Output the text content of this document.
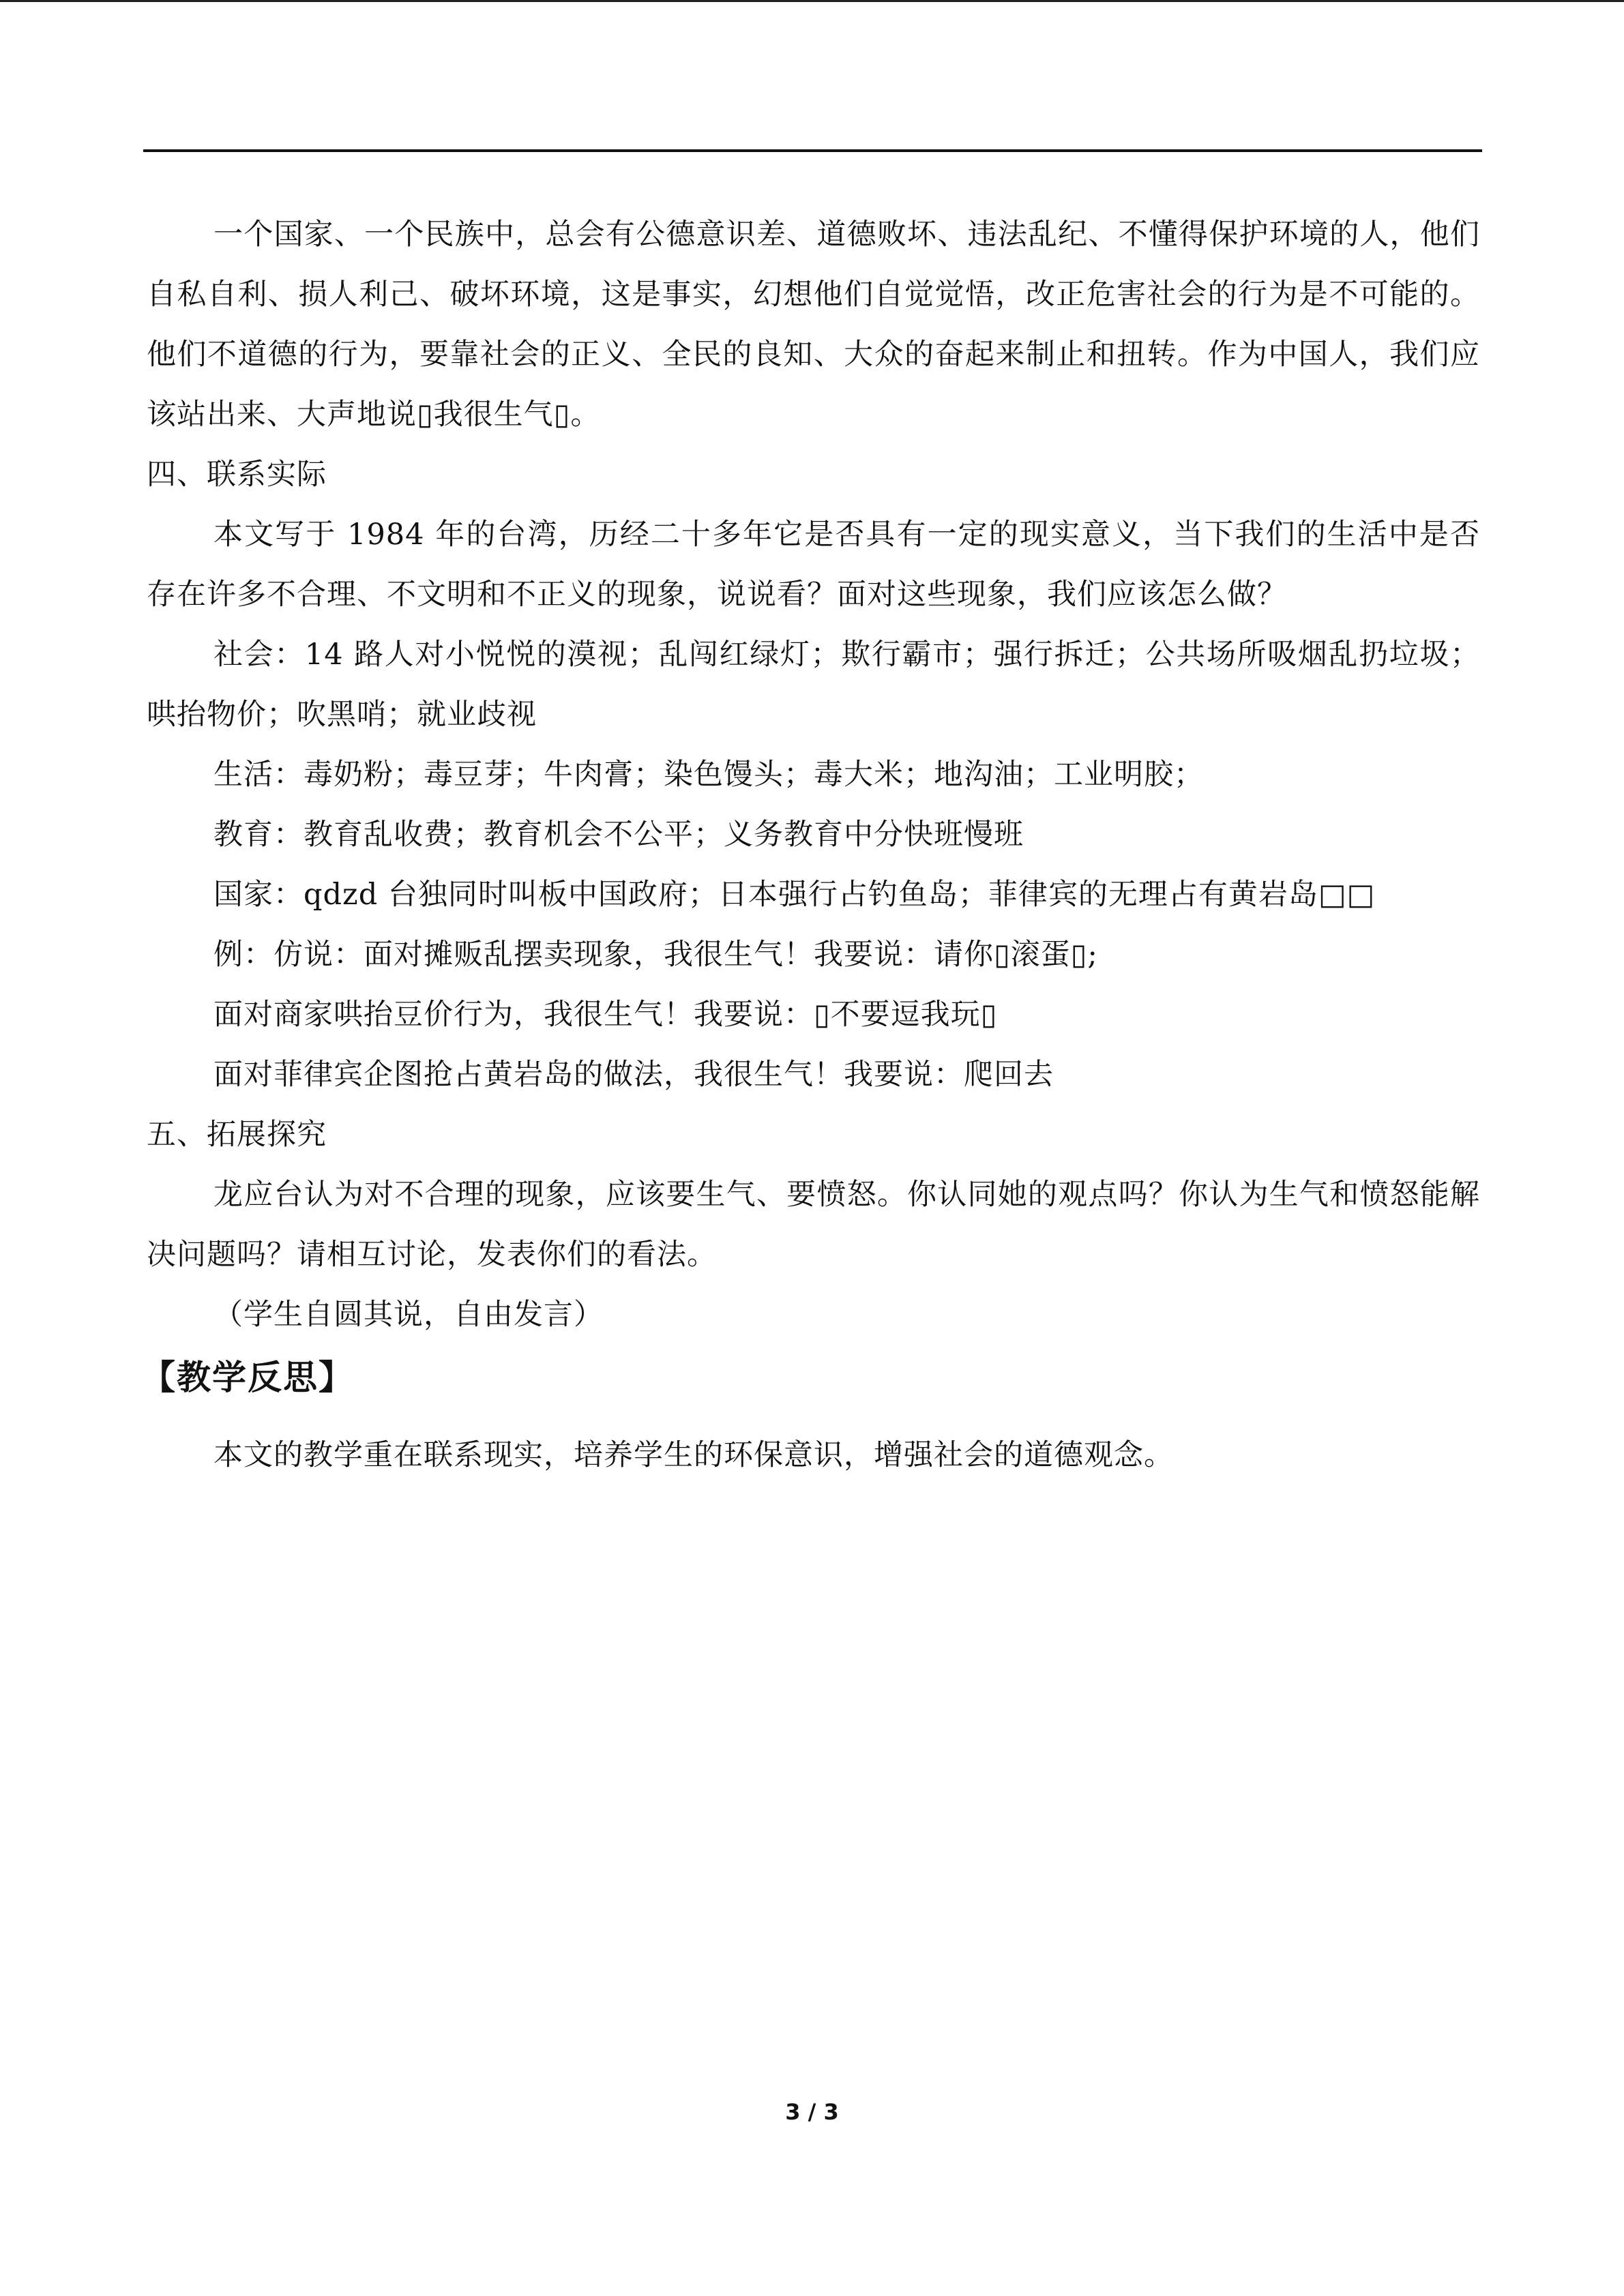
一个国家、一个民族中，总会有公德意识差、道德败坏、违法乱纪、不懂得保护环境的人，他们自私自利、损人利己、破坏环境，这是事实，幻想他们自觉觉悟，改正危害社会的行为是不可能的。他们不道德的行为，要靠社会的正义、全民的良知、大众的奋起来制止和扭转。作为中国人，我们应该站出来、大声地说▯我很生气▯。

四、联系实际

本文写于 1984 年的台湾，历经二十多年它是否具有一定的现实意义，当下我们的生活中是否存在许多不合理、不文明和不正义的现象，说说看？面对这些现象，我们应该怎么做？

社会：14 路人对小悦悦的漠视；乱闯红绿灯；欺行霸市；强行拆迁；公共场所吸烟乱扔垃圾；哄抬物价；吹黑哨；就业歧视

生活：毒奶粉；毒豆芽；牛肉膏；染色馒头；毒大米；地沟油；工业明胶；

教育：教育乱收费；教育机会不公平；义务教育中分快班慢班

国家：qdzd 台独同时叫板中国政府；日本强行占钓鱼岛；菲律宾的无理占有黄岩岛□□

例：仿说：面对摊贩乱摆卖现象，我很生气！我要说：请你▯滚蛋▯;

面对商家哄抬豆价行为，我很生气！我要说：▯不要逗我玩▯

面对菲律宾企图抢占黄岩岛的做法，我很生气！我要说：爬回去

五、拓展探究

龙应台认为对不合理的现象，应该要生气、要愤怒。你认同她的观点吗？你认为生气和愤怒能解决问题吗？请相互讨论，发表你们的看法。

（学生自圆其说，自由发言）

【教学反思】

本文的教学重在联系现实，培养学生的环保意识，增强社会的道德观念。

3 / 3
